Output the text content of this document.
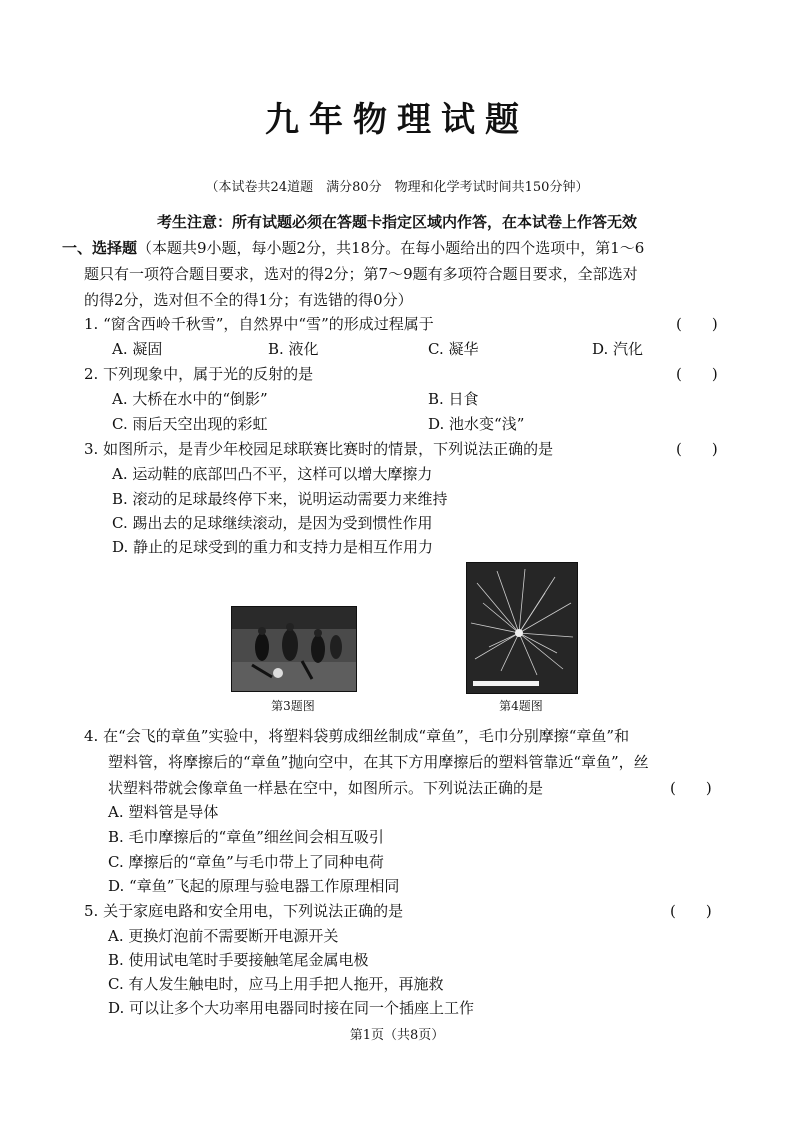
九年物理试题
（本试卷共24道题　满分80分　物理和化学考试时间共150分钟）
考生注意：所有试题必须在答题卡指定区域内作答，在本试卷上作答无效
一、选择题（本题共9小题，每小题2分，共18分。在每小题给出的四个选项中，第1～6
题只有一项符合题目要求，选对的得2分；第7～9题有多项符合题目要求，全部选对
的得2分，选对但不全的得1分；有选错的得0分）
1. “窗含西岭千秋雪”，自然界中“雪”的形成过程属于	(　　)
A. 凝固	B. 液化	C. 凝华	D. 汽化
2. 下列现象中，属于光的反射的是	(　　)
A. 大桥在水中的“倒影”	B. 日食
C. 雨后天空出现的彩虹	D. 池水变“浅”
3. 如图所示，是青少年校园足球联赛比赛时的情景，下列说法正确的是	(　　)
A. 运动鞋的底部凹凸不平，这样可以增大摩擦力
B. 滚动的足球最终停下来，说明运动需要力来维持
C. 踢出去的足球继续滚动，是因为受到惯性作用
D. 静止的足球受到的重力和支持力是相互作用力
第3题图	第4题图
4. 在“会飞的章鱼”实验中，将塑料袋剪成细丝制成“章鱼”，毛巾分别摩擦“章鱼”和
塑料管，将摩擦后的“章鱼”抛向空中，在其下方用摩擦后的塑料管靠近“章鱼”，丝
状塑料带就会像章鱼一样悬在空中，如图所示。下列说法正确的是	(　　)
A. 塑料管是导体
B. 毛巾摩擦后的“章鱼”细丝间会相互吸引
C. 摩擦后的“章鱼”与毛巾带上了同种电荷
D. “章鱼”飞起的原理与验电器工作原理相同
5. 关于家庭电路和安全用电，下列说法正确的是	(　　)
A. 更换灯泡前不需要断开电源开关
B. 使用试电笔时手要接触笔尾金属电极
C. 有人发生触电时，应马上用手把人拖开，再施救
D. 可以让多个大功率用电器同时接在同一个插座上工作
第1页（共8页）
